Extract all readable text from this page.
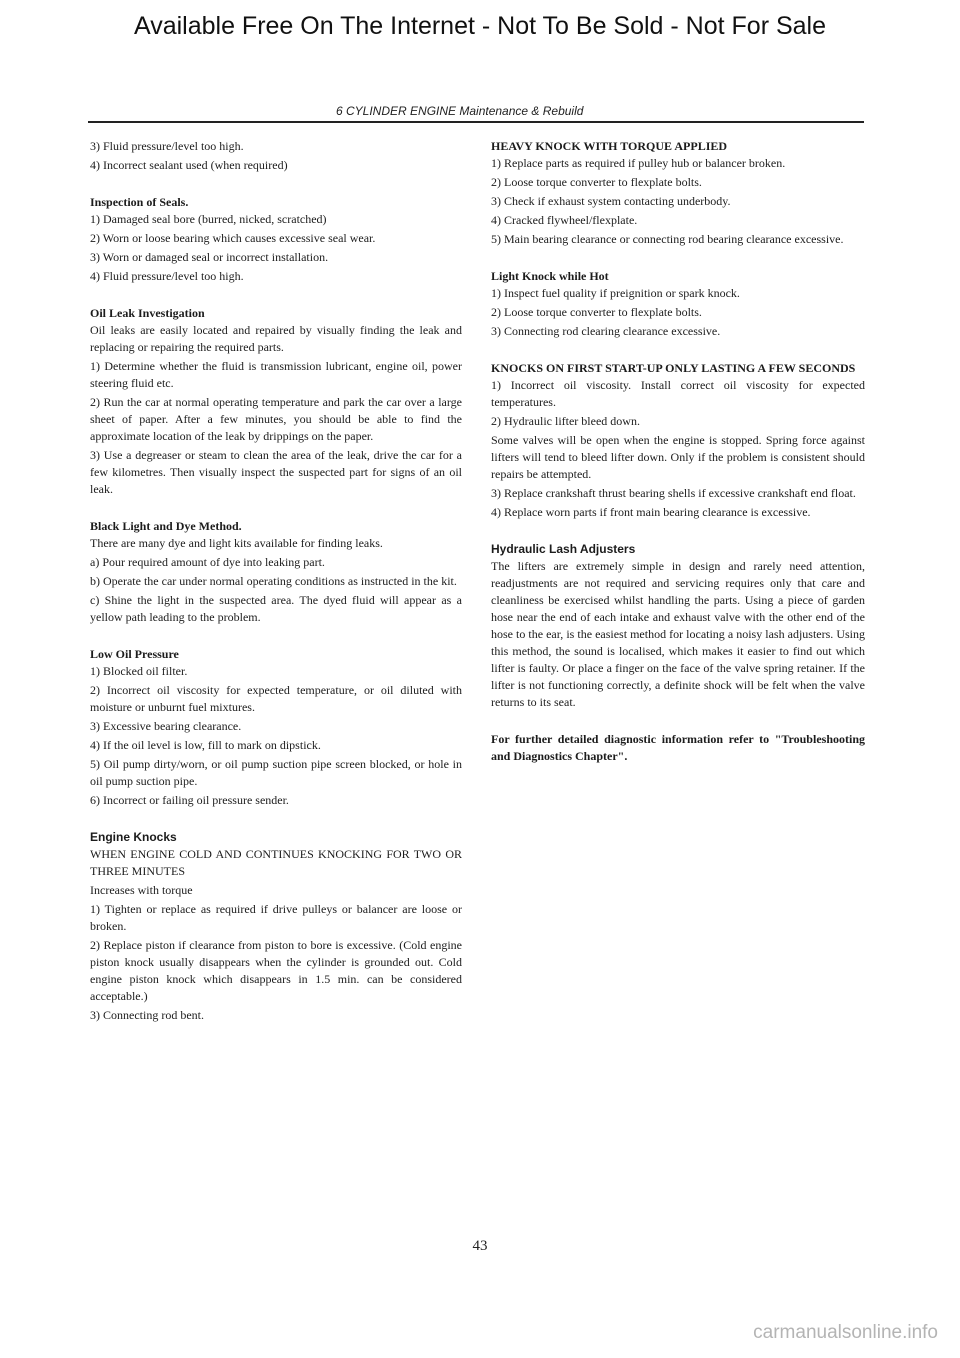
Available Free On The Internet - Not To Be Sold - Not For Sale
6 CYLINDER ENGINE Maintenance & Rebuild

3) Fluid pressure/level too high.

4) Incorrect sealant used (when required)

Inspection of Seals.

1) Damaged seal bore (burred, nicked, scratched)

2) Worn or loose bearing which causes excessive seal wear.

3) Worn or damaged seal or incorrect installation.

4) Fluid pressure/level too high.

Oil Leak Investigation

Oil leaks are easily located and repaired by visually finding the leak and replacing or repairing the required parts.

1) Determine whether the fluid is transmission lubricant, engine oil, power steering fluid etc.

2) Run the car at normal operating temperature and park the car over a large sheet of paper. After a few minutes, you should be able to find the approximate location of the leak by drippings on the paper.

3) Use a degreaser or steam to clean the area of the leak, drive the car for a few kilometres. Then visually inspect the suspected part for signs of an oil leak.

Black Light and Dye Method.

There are many dye and light kits available for finding leaks.

a) Pour required amount of dye into leaking part.

b) Operate the car under normal operating conditions as instructed in the kit.

c) Shine the light in the suspected area. The dyed fluid will appear as a yellow path leading to the problem.

Low Oil Pressure

1) Blocked oil filter.

2) Incorrect oil viscosity for expected temperature, or oil diluted with moisture or unburnt fuel mixtures.

3) Excessive bearing clearance.

4) If the oil level is low, fill to mark on dipstick.

5) Oil pump dirty/worn, or oil pump suction pipe screen blocked, or hole in oil pump suction pipe.

6) Incorrect or failing oil pressure sender.

Engine Knocks

WHEN ENGINE COLD AND CONTINUES KNOCKING FOR TWO OR THREE MINUTES

Increases with torque

1) Tighten or replace as required if drive pulleys or balancer are loose or broken.

2) Replace piston if clearance from piston to bore is excessive. (Cold engine piston knock usually disappears when the cylinder is grounded out. Cold engine piston knock which disappears in 1.5 min. can be considered acceptable.)

3) Connecting rod bent.

HEAVY KNOCK WITH TORQUE APPLIED

1) Replace parts as required if pulley hub or balancer broken.

2) Loose torque converter to flexplate bolts.

3) Check if exhaust system contacting underbody.

4) Cracked flywheel/flexplate.

5) Main bearing clearance or connecting rod bearing clearance excessive.

Light Knock while Hot

1) Inspect fuel quality if preignition or spark knock.

2) Loose torque converter to flexplate bolts.

3) Connecting rod clearing clearance excessive.

KNOCKS ON FIRST START-UP ONLY LASTING A FEW SECONDS

1) Incorrect oil viscosity. Install correct oil viscosity for expected temperatures.

2) Hydraulic lifter bleed down.

Some valves will be open when the engine is stopped. Spring force against lifters will tend to bleed lifter down. Only if the problem is consistent should repairs be attempted.

3) Replace crankshaft thrust bearing shells if excessive crankshaft end float.

4) Replace worn parts if front main bearing clearance is excessive.

Hydraulic Lash Adjusters

The lifters are extremely simple in design and rarely need attention, readjustments are not required and servicing requires only that care and cleanliness be exercised whilst handling the parts. Using a piece of garden hose near the end of each intake and exhaust valve with the other end of the hose to the ear, is the easiest method for locating a noisy lash adjusters. Using this method, the sound is localised, which makes it easier to find out which lifter is faulty. Or place a finger on the face of the valve spring retainer. If the lifter is not functioning correctly, a definite shock will be felt when the valve returns to its seat.

For further detailed diagnostic information refer to "Troubleshooting and Diagnostics Chapter".

43
carmanualsonline.info
